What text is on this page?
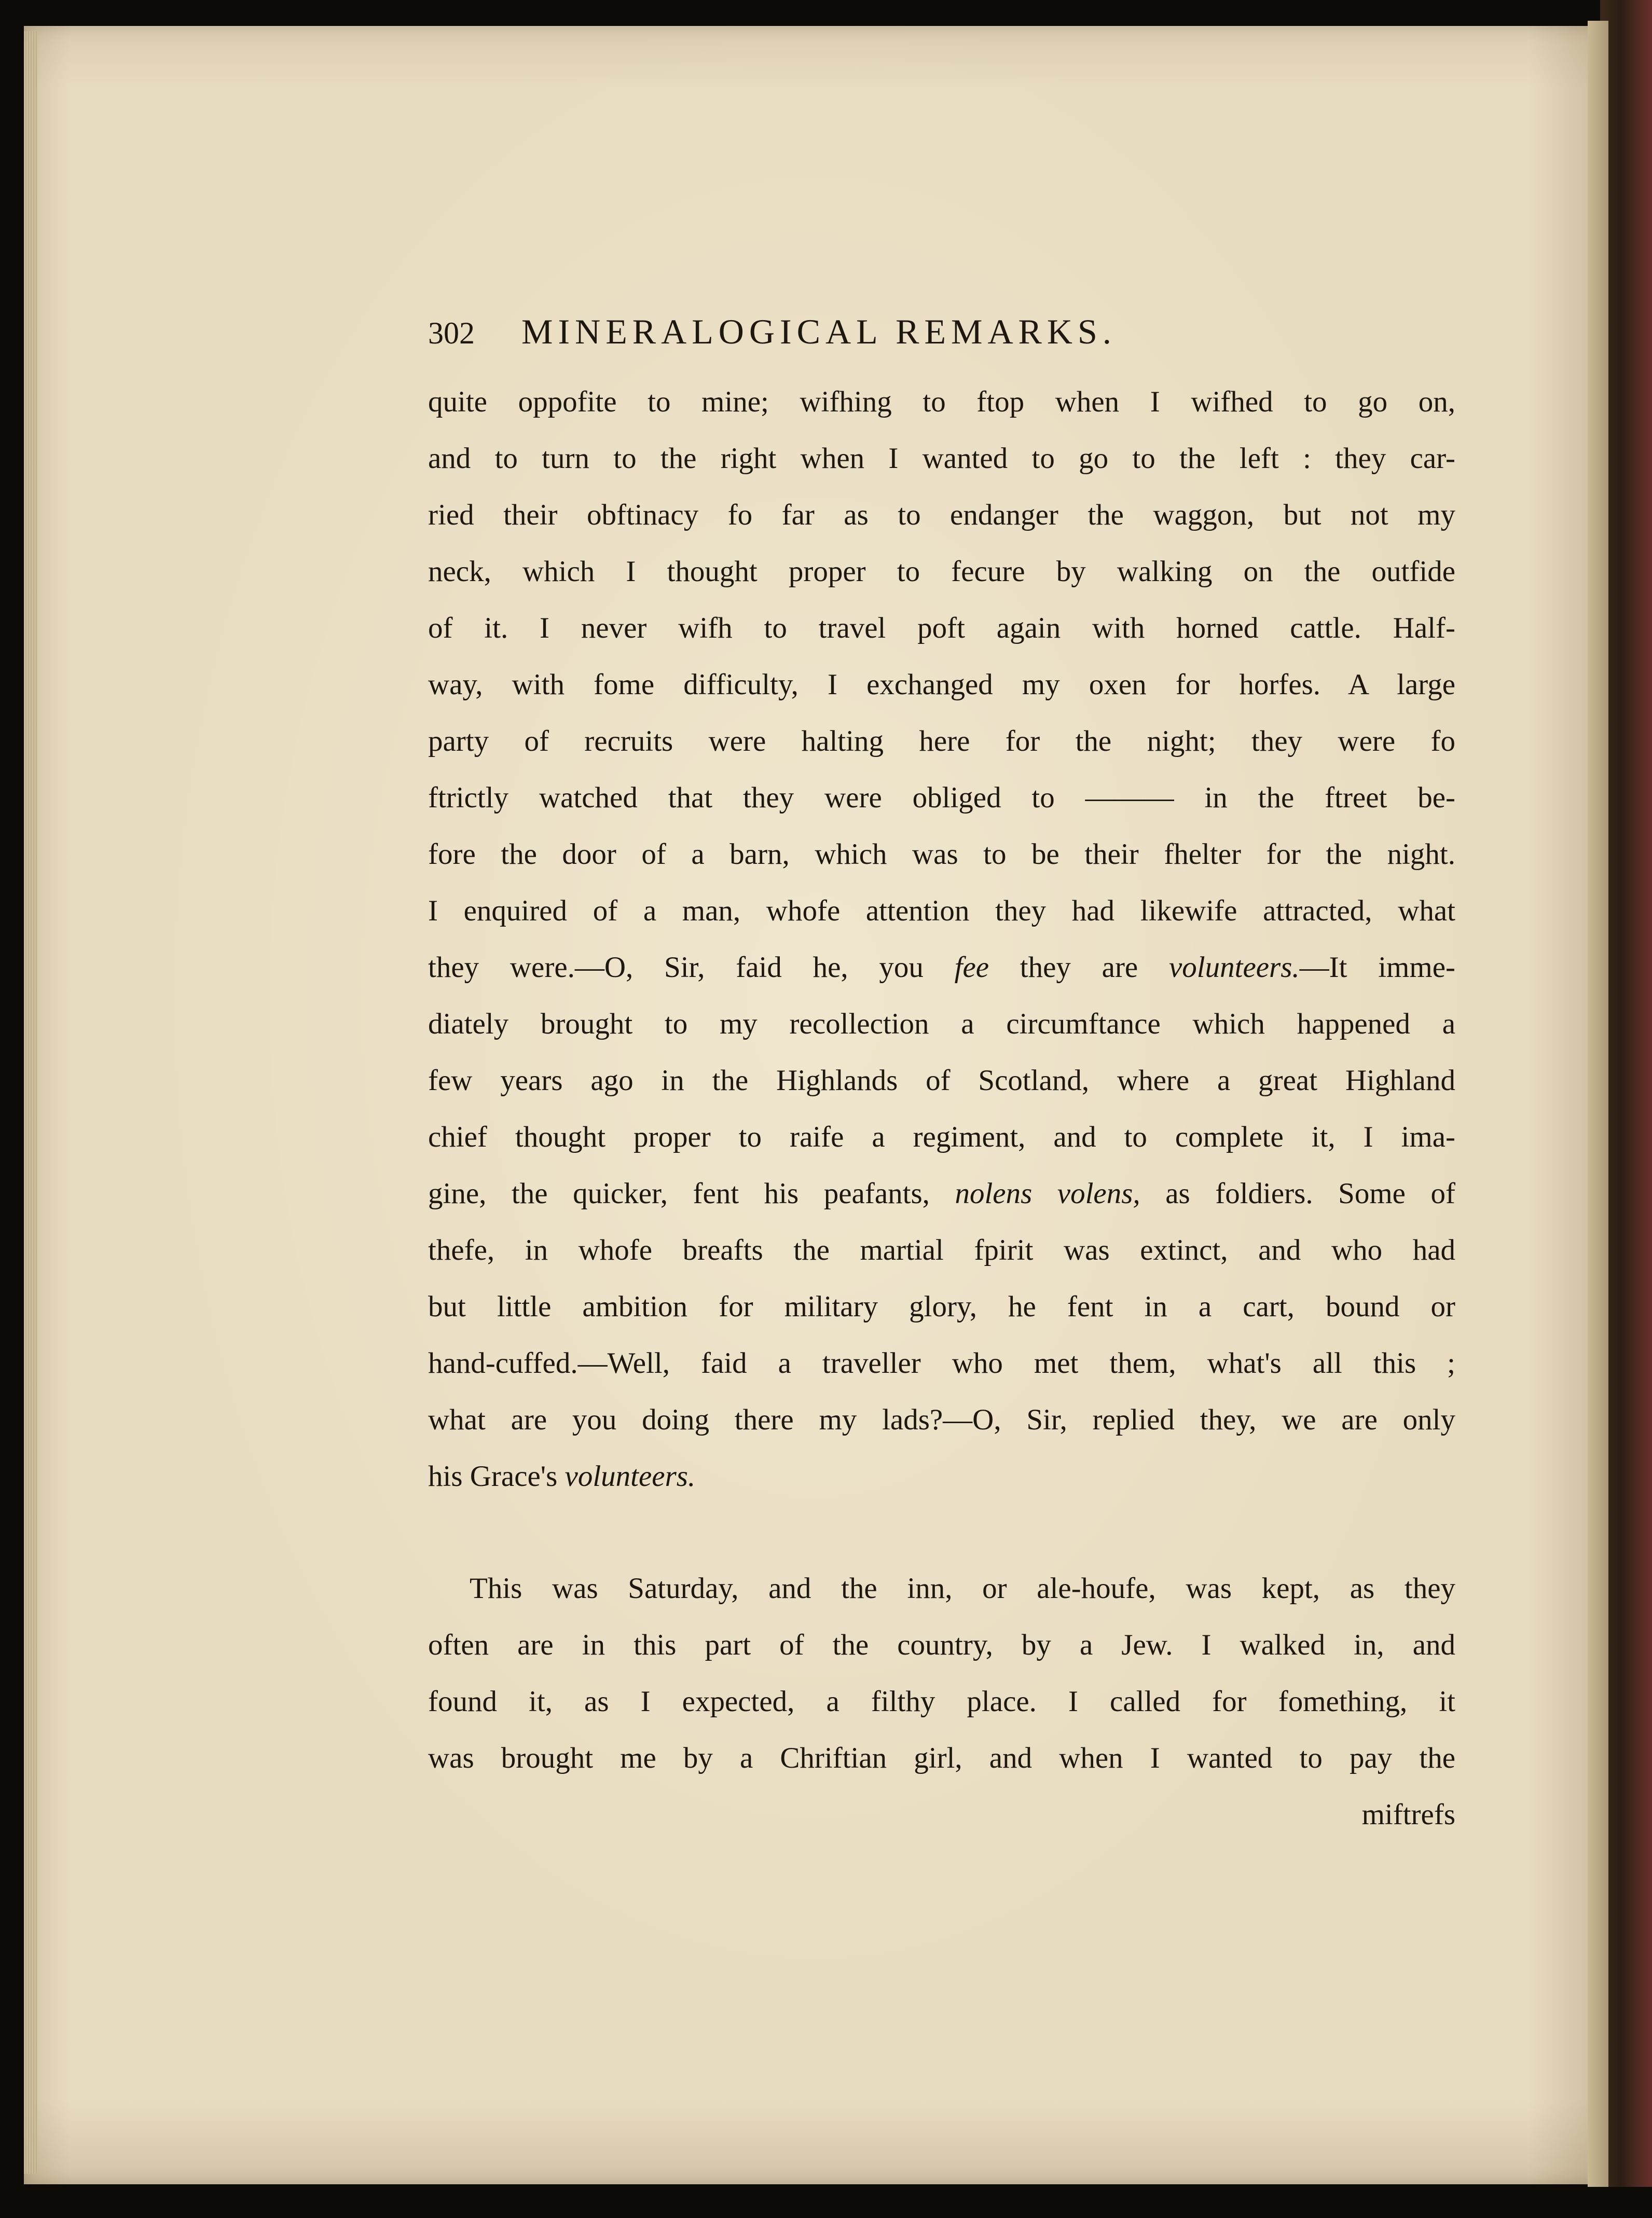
302	MINERALOGICAL REMARKS.
quite oppofite to mine; wifhing to ftop when I wifhed to go on,
and to turn to the right when I wanted to go to the left : they car-
ried their obftinacy fo far as to endanger the waggon, but not my
neck, which I thought proper to fecure by walking on the outfide
of it. I never wifh to travel poft again with horned cattle. Half-
way, with fome difficulty, I exchanged my oxen for horfes. A large
party of recruits were halting here for the night; they were fo
ftrictly watched that they were obliged to ——— in the ftreet be-
fore the door of a barn, which was to be their fhelter for the night.
I enquired of a man, whofe attention they had likewife attracted, what
they were.—O, Sir, faid he, you fee they are volunteers.—It imme-
diately brought to my recollection a circumftance which happened a
few years ago in the Highlands of Scotland, where a great Highland
chief thought proper to raife a regiment, and to complete it, I ima-
gine, the quicker, fent his peafants, nolens volens, as foldiers. Some of
thefe, in whofe breafts the martial fpirit was extinct, and who had
but little ambition for military glory, he fent in a cart, bound or
hand-cuffed.—Well, faid a traveller who met them, what's all this ;
what are you doing there my lads?—O, Sir, replied they, we are only
his Grace's volunteers.
This was Saturday, and the inn, or ale-houfe, was kept, as they
often are in this part of the country, by a Jew. I walked in, and
found it, as I expected, a filthy place. I called for fomething, it
was brought me by a Chriftian girl, and when I wanted to pay the
miftrefs
